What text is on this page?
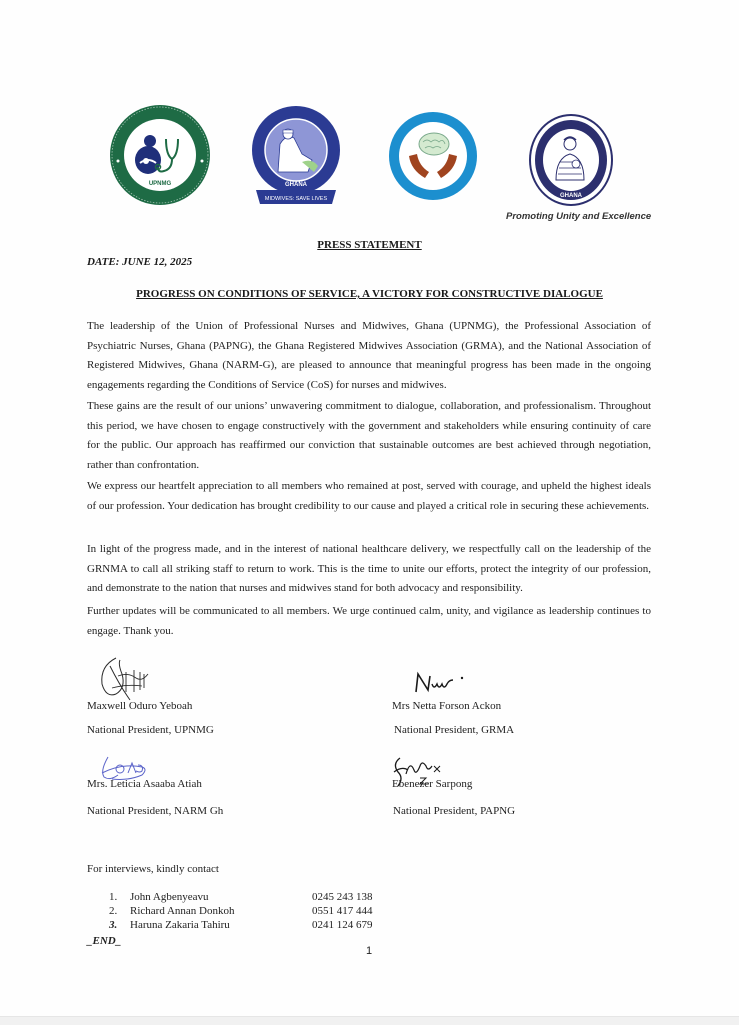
UPNMG	GHANA
MIDWIVES: SAVE LIVES	GHANA
Promoting Unity and Excellence
PRESS STATEMENT
DATE: JUNE 12, 2025
PROGRESS ON CONDITIONS OF SERVICE, A VICTORY FOR CONSTRUCTIVE DIALOGUE
The leadership of the Union of Professional Nurses and Midwives, Ghana (UPNMG), the Professional Association of Psychiatric Nurses, Ghana (PAPNG), the Ghana Registered Midwives Association (GRMA), and the National Association of Registered Midwives, Ghana (NARM-G), are pleased to announce that meaningful progress has been made in the ongoing engagements regarding the Conditions of Service (CoS) for nurses and midwives.
These gains are the result of our unions’ unwavering commitment to dialogue, collaboration, and professionalism. Throughout this period, we have chosen to engage constructively with the government and stakeholders while ensuring continuity of care for the public. Our approach has reaffirmed our conviction that sustainable outcomes are best achieved through negotiation, rather than confrontation.
We express our heartfelt appreciation to all members who remained at post, served with courage, and upheld the highest ideals of our profession. Your dedication has brought credibility to our cause and played a critical role in securing these achievements.
In light of the progress made, and in the interest of national healthcare delivery, we respectfully call on the leadership of the GRNMA to call all striking staff to return to work. This is the time to unite our efforts, protect the integrity of our profession, and demonstrate to the nation that nurses and midwives stand for both advocacy and responsibility.
Further updates will be communicated to all members. We urge continued calm, unity, and vigilance as leadership continues to engage. Thank you.
Maxwell Oduro Yeboah
National President, UPNMG
Mrs Netta Forson Ackon
National President, GRMA
Mrs. Leticia Asaaba Atiah
National President, NARM Gh
Ebenezer Sarpong
National President, PAPNG
For interviews, kindly contact
1. John Agbenyeavu	0245 243 138
2. Richard Annan Donkoh	0551 417 444
3. Haruna Zakaria Tahiru	0241 124 679
_END_
1
